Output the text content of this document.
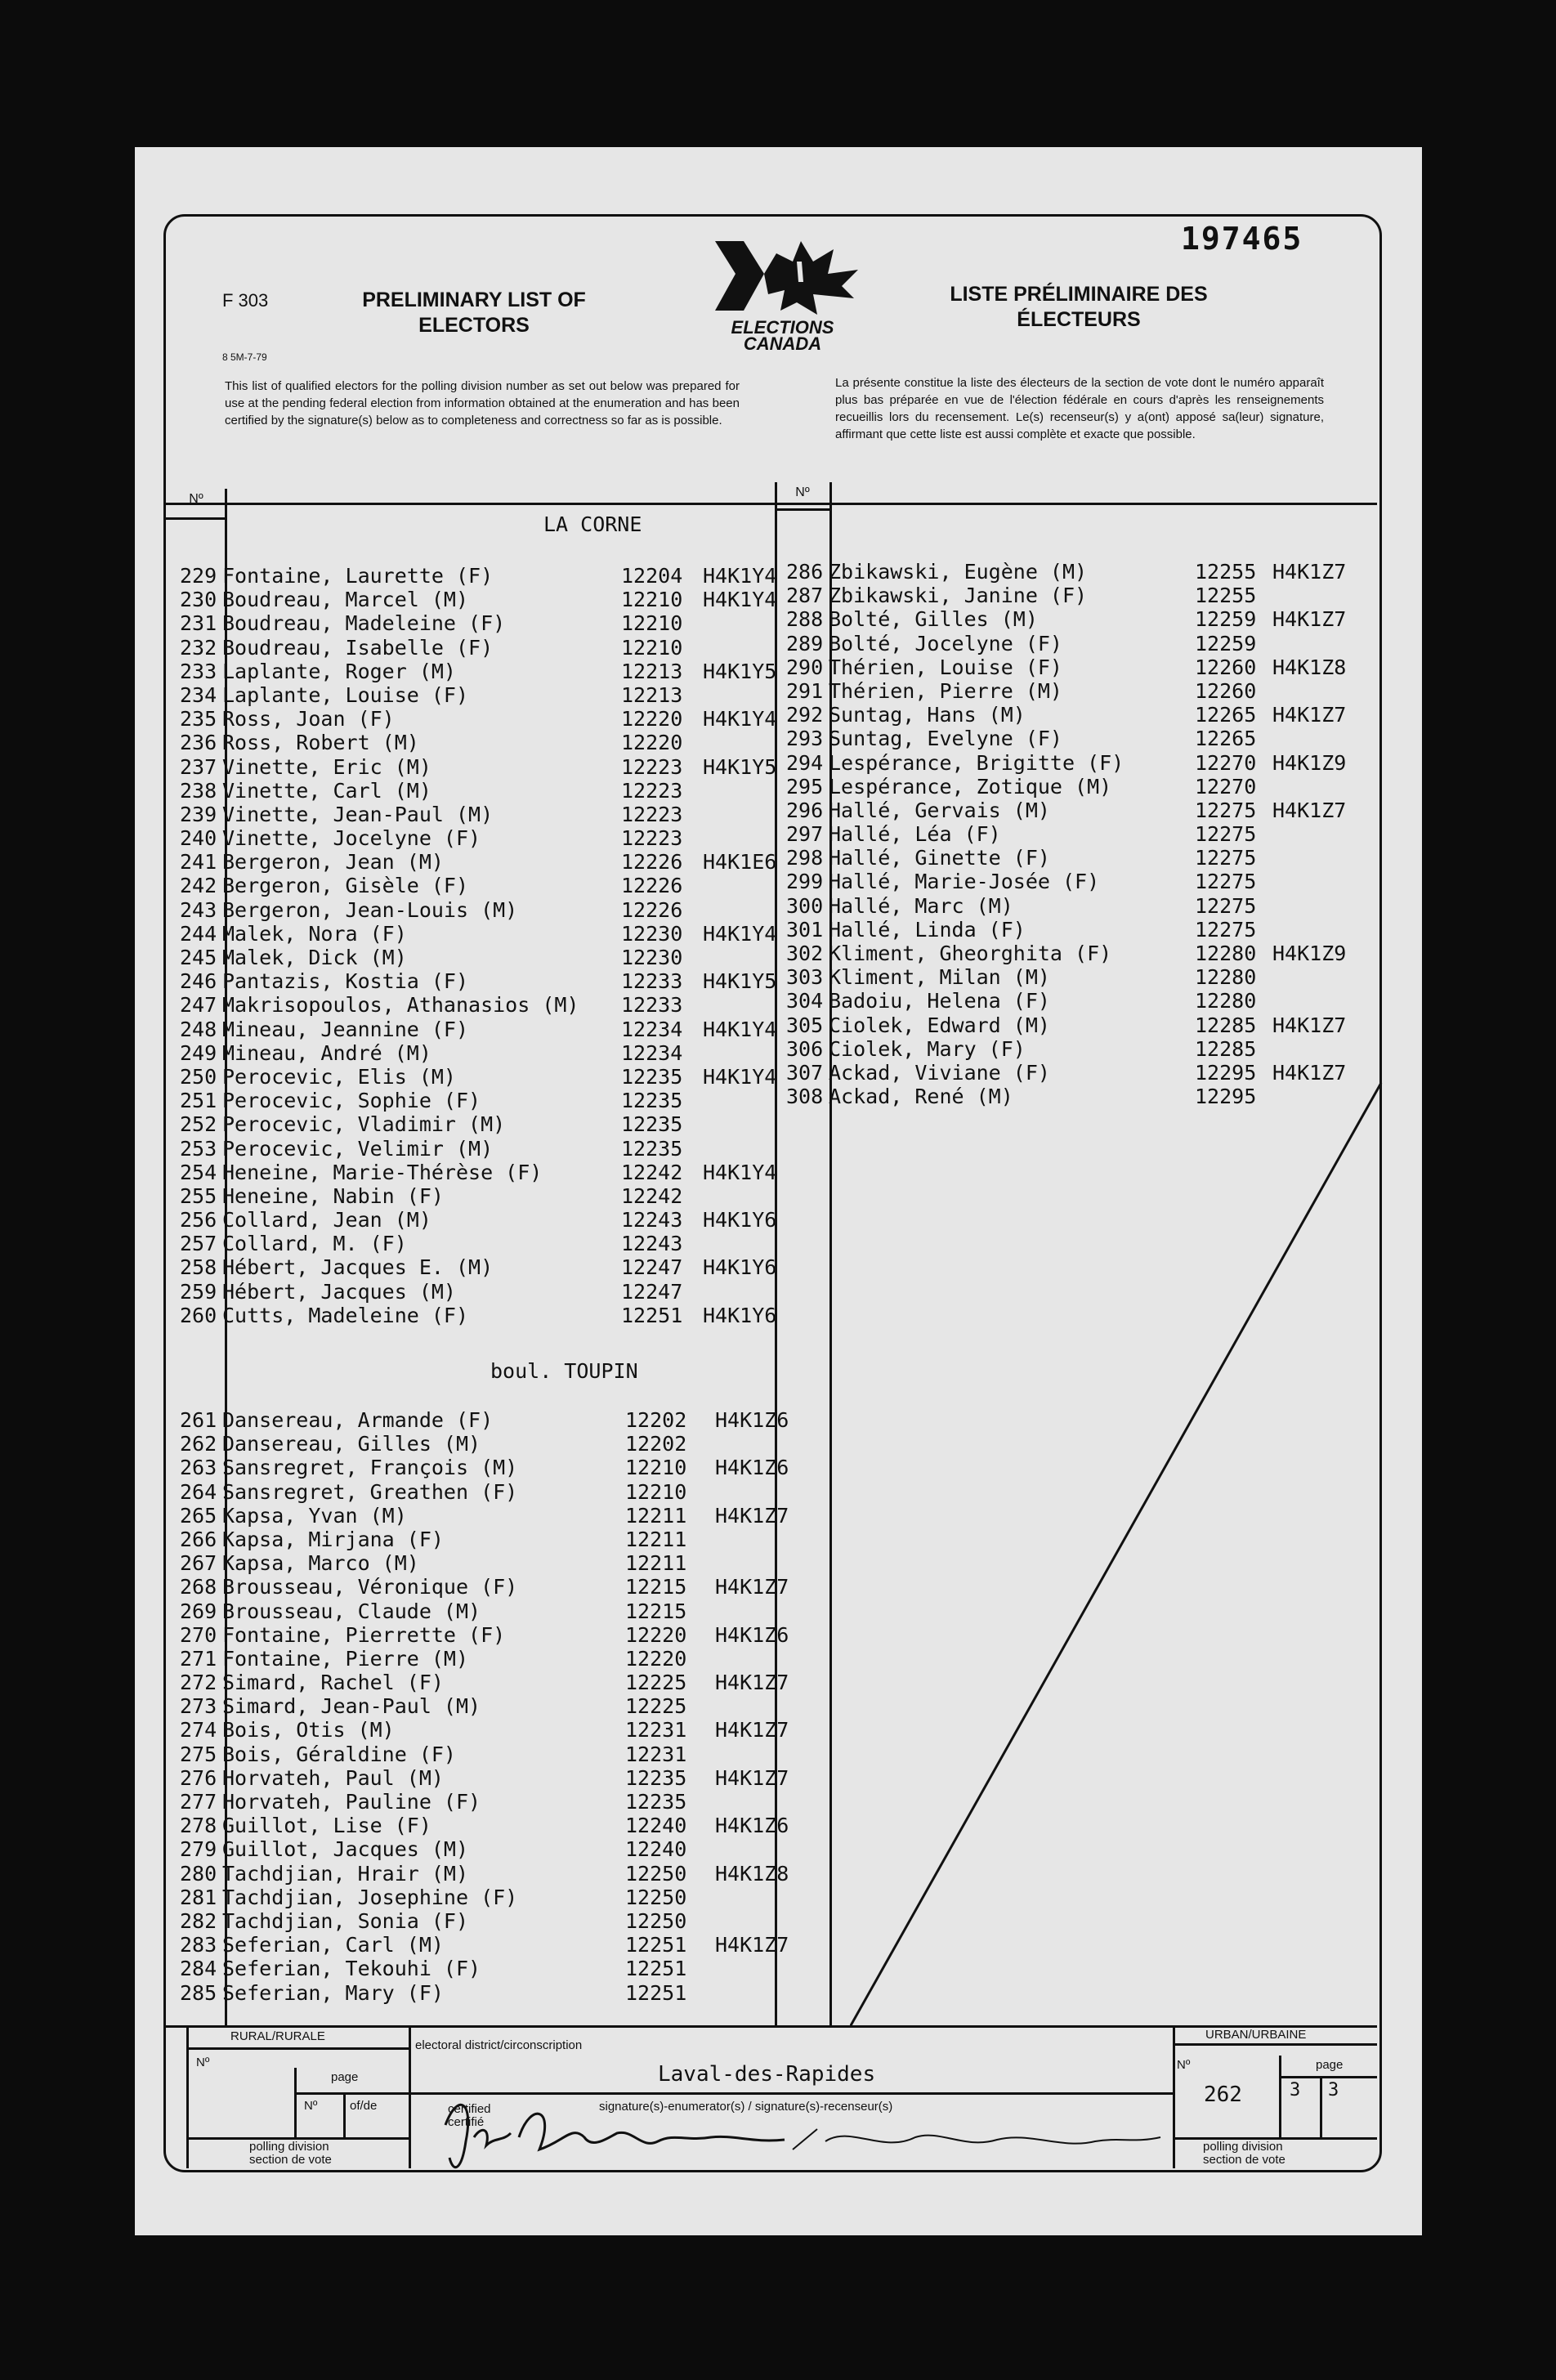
197465
F 303
8 5M-7-79
PRELIMINARY LIST OF ELECTORS
LISTE PRÉLIMINAIRE DES ÉLECTEURS
ELECTIONS
CANADA
This list of qualified electors for the polling division number as set out below was prepared for use at the pending federal election from information obtained at the enumeration and has been certified by the signature(s) below as to completeness and correctness so far as is possible.
La présente constitue la liste des électeurs de la section de vote dont le numéro apparaît plus bas préparée en vue de l'élection fédérale en cours d'après les renseignements recueillis lors du recensement. Le(s) recenseur(s) y a(ont) apposé sa(leur) signature, affirmant que cette liste est aussi complète et exacte que possible.
Nº	Nº
LA CORNE
boul. TOUPIN
229 Fontaine, Laurette (F)	12204 H4K1Y4
230 Boudreau, Marcel (M)	12210 H4K1Y4
231 Boudreau, Madeleine (F)	12210
232 Boudreau, Isabelle (F)	12210
233 Laplante, Roger (M)	12213 H4K1Y5
234 Laplante, Louise (F)	12213
235 Ross, Joan (F)	12220 H4K1Y4
236 Ross, Robert (M)	12220
237 Vinette, Eric (M)	12223 H4K1Y5
238 Vinette, Carl (M)	12223
239 Vinette, Jean-Paul (M)	12223
240 Vinette, Jocelyne (F)	12223
241 Bergeron, Jean (M)	12226 H4K1E6
242 Bergeron, Gisèle (F)	12226
243 Bergeron, Jean-Louis (M)	12226
244 Malek, Nora (F)	12230 H4K1Y4
245 Malek, Dick (M)	12230
246 Pantazis, Kostia (F)	12233 H4K1Y5
247 Makrisopoulos, Athanasios (M) 12233
248 Mineau, Jeannine (F)	12234 H4K1Y4
249 Mineau, André (M)	12234
250 Perocevic, Elis (M)	12235 H4K1Y4
251 Perocevic, Sophie (F)	12235
252 Perocevic, Vladimir (M)	12235
253 Perocevic, Velimir (M)	12235
254 Heneine, Marie-Thérèse (F)	12242 H4K1Y4
255 Heneine, Nabin (F)	12242
256 Collard, Jean (M)	12243 H4K1Y6
257 Collard, M. (F)	12243
258 Hébert, Jacques E. (M)	12247 H4K1Y6
259 Hébert, Jacques (M)	12247
260 Cutts, Madeleine (F)	12251 H4K1Y6
261 Dansereau, Armande (F)	12202 H4K1Z6
262 Dansereau, Gilles (M)	12202
263 Sansregret, François (M)	12210 H4K1Z6
264 Sansregret, Greathen (F)	12210
265 Kapsa, Yvan (M)	12211 H4K1Z7
266 Kapsa, Mirjana (F)	12211
267 Kapsa, Marco (M)	12211
268 Brousseau, Véronique (F)	12215 H4K1Z7
269 Brousseau, Claude (M)	12215
270 Fontaine, Pierrette (F)	12220 H4K1Z6
271 Fontaine, Pierre (M)	12220
272 Simard, Rachel (F)	12225 H4K1Z7
273 Simard, Jean-Paul (M)	12225
274 Bois, Otis (M)	12231 H4K1Z7
275 Bois, Géraldine (F)	12231
276 Horvateh, Paul (M)	12235 H4K1Z7
277 Horvateh, Pauline (F)	12235
278 Guillot, Lise (F)	12240 H4K1Z6
279 Guillot, Jacques (M)	12240
280 Tachdjian, Hrair (M)	12250 H4K1Z8
281 Tachdjian, Josephine (F)	12250
282 Tachdjian, Sonia (F)	12250
283 Seferian, Carl (M)	12251 H4K1Z7
284 Seferian, Tekouhi (F)	12251
285 Seferian, Mary (F)	12251
286 Zbikawski, Eugène (M)	12255 H4K1Z7
287 Zbikawski, Janine (F)	12255
288 Bolté, Gilles (M)	12259 H4K1Z7
289 Bolté, Jocelyne (F)	12259
290 Thérien, Louise (F)	12260 H4K1Z8
291 Thérien, Pierre (M)	12260
292 Suntag, Hans (M)	12265 H4K1Z7
293 Suntag, Evelyne (F)	12265
294 Lespérance, Brigitte (F)	12270 H4K1Z9
295 Lespérance, Zotique (M)	12270
296 Hallé, Gervais (M)	12275 H4K1Z7
297 Hallé, Léa (F)	12275
298 Hallé, Ginette (F)	12275
299 Hallé, Marie-Josée (F)	12275
300 Hallé, Marc (M)	12275
301 Hallé, Linda (F)	12275
302 Kliment, Gheorghita (F)	12280 H4K1Z9
303 Kliment, Milan (M)	12280
304 Badoiu, Helena (F)	12280
305 Ciolek, Edward (M)	12285 H4K1Z7
306 Ciolek, Mary (F)	12285
307 Ackad, Viviane (F)	12295 H4K1Z7
308 Ackad, René (M)	12295
RURAL/RURALE
Nº
page
Nº	of/de
polling division
section de vote
electoral district/circonscription
Laval-des-Rapides
certified
certifié
signature(s)-enumerator(s) / signature(s)-recenseur(s)
URBAN/URBAINE
Nº	page
262	3 3
polling division
section de vote
